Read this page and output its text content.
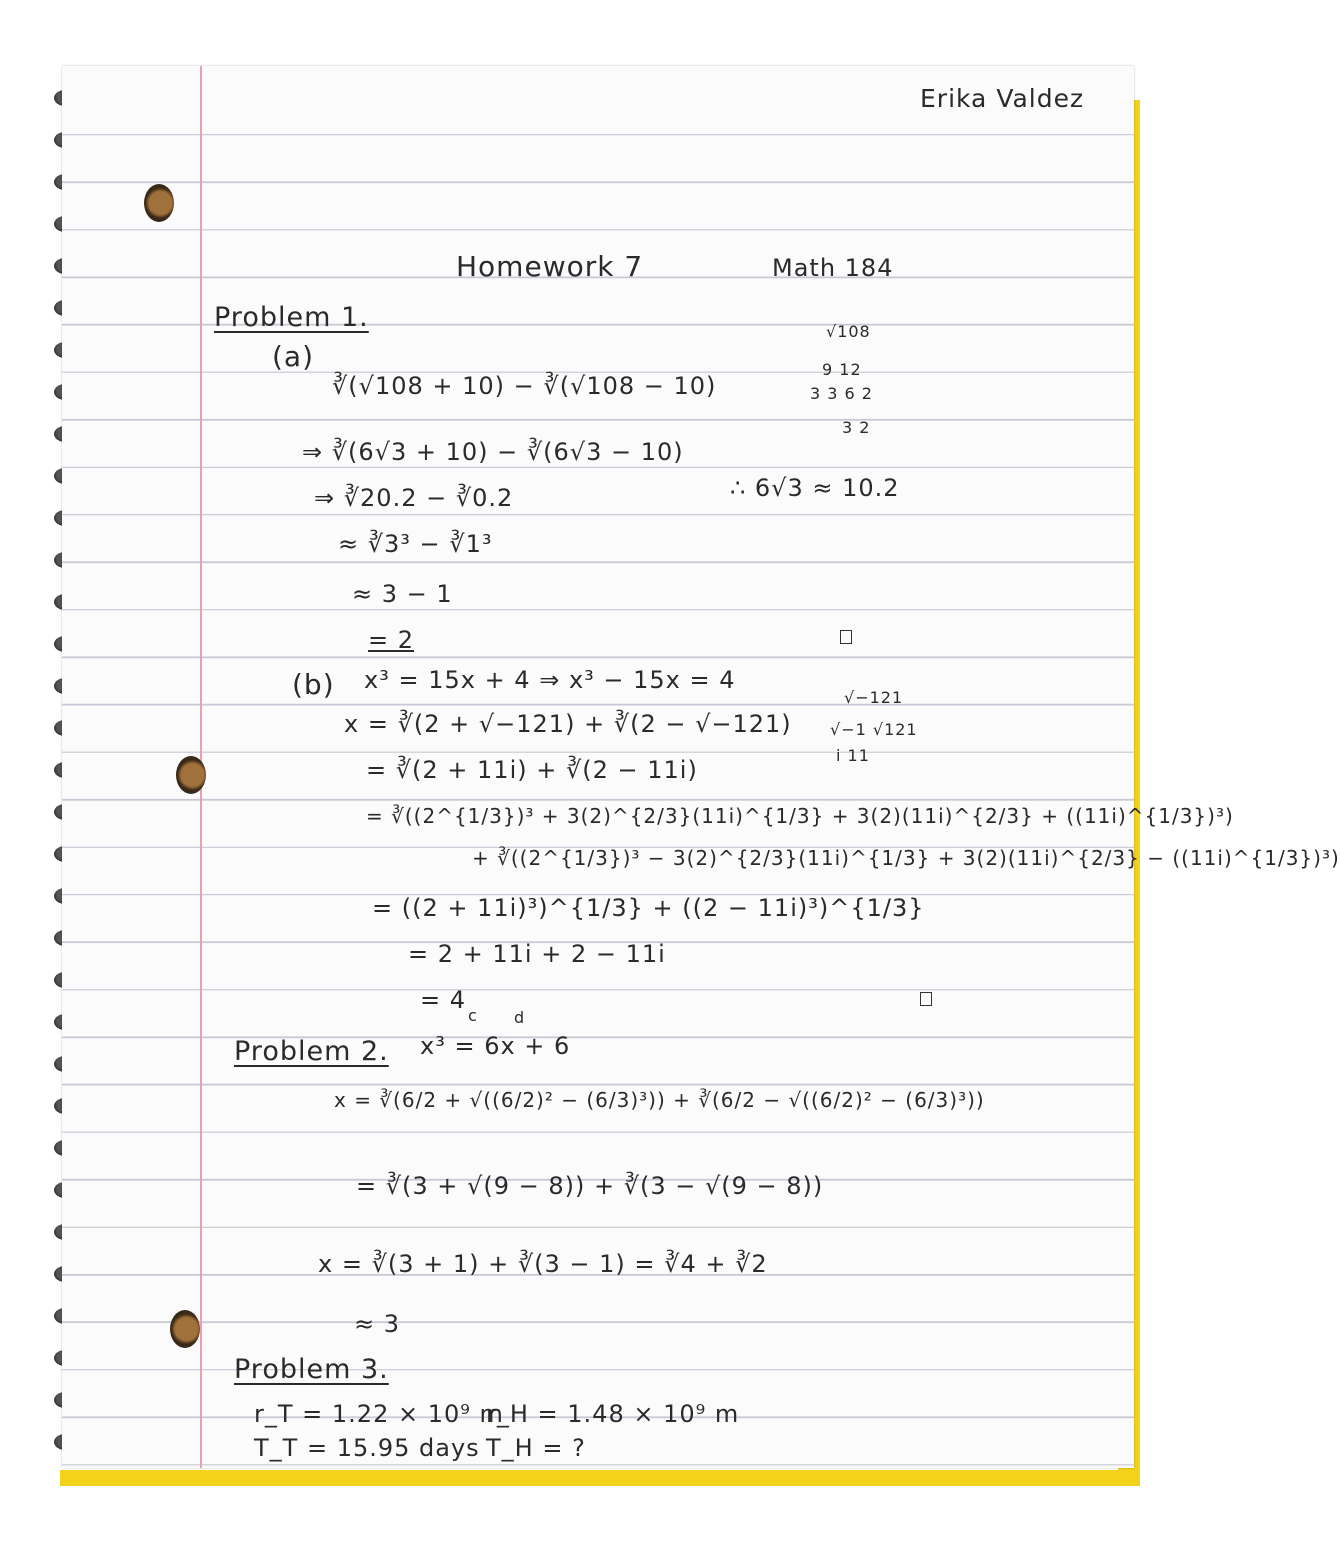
Erika Valdez
Homework 7	Math 184
Problem 1.
(a)
∛(√108 + 10) − ∛(√108 − 10)
⇒ ∛(6√3 + 10) − ∛(6√3 − 10)
⇒ ∛20.2 − ∛0.2
≈ ∛3³ − ∛1³
≈ 3 − 1
= 2
√108
9 12
3 3 6 2
3 2
∴ 6√3 ≈ 10.2
(b) x³ = 15x + 4 ⇒ x³ − 15x = 4
x = ∛(2 + √−121) + ∛(2 − √−121)
= ∛(2 + 11i) + ∛(2 − 11i)
= ∛((2^{1/3})³ + 3(2)^{2/3}(11i)^{1/3} + 3(2)(11i)^{2/3} + ((11i)^{1/3})³)
+ ∛((2^{1/3})³ − 3(2)^{2/3}(11i)^{1/3} + 3(2)(11i)^{2/3} − ((11i)^{1/3})³)
= ((2 + 11i)³)^{1/3} + ((2 − 11i)³)^{1/3}
= 2 + 11i + 2 − 11i
= 4
√−121
√−1 √121
i 11
Problem 2.
c d
x³ = 6x + 6
x = ∛(6/2 + √((6/2)² − (6/3)³)) + ∛(6/2 − √((6/2)² − (6/3)³))
= ∛(3 + √(9 − 8)) + ∛(3 − √(9 − 8))
x = ∛(3 + 1) + ∛(3 − 1) = ∛4 + ∛2
≈ 3
Problem 3.
r_T = 1.22 × 10⁹ m
T_T = 15.95 days
r_H = 1.48 × 10⁹ m
T_H = ?
